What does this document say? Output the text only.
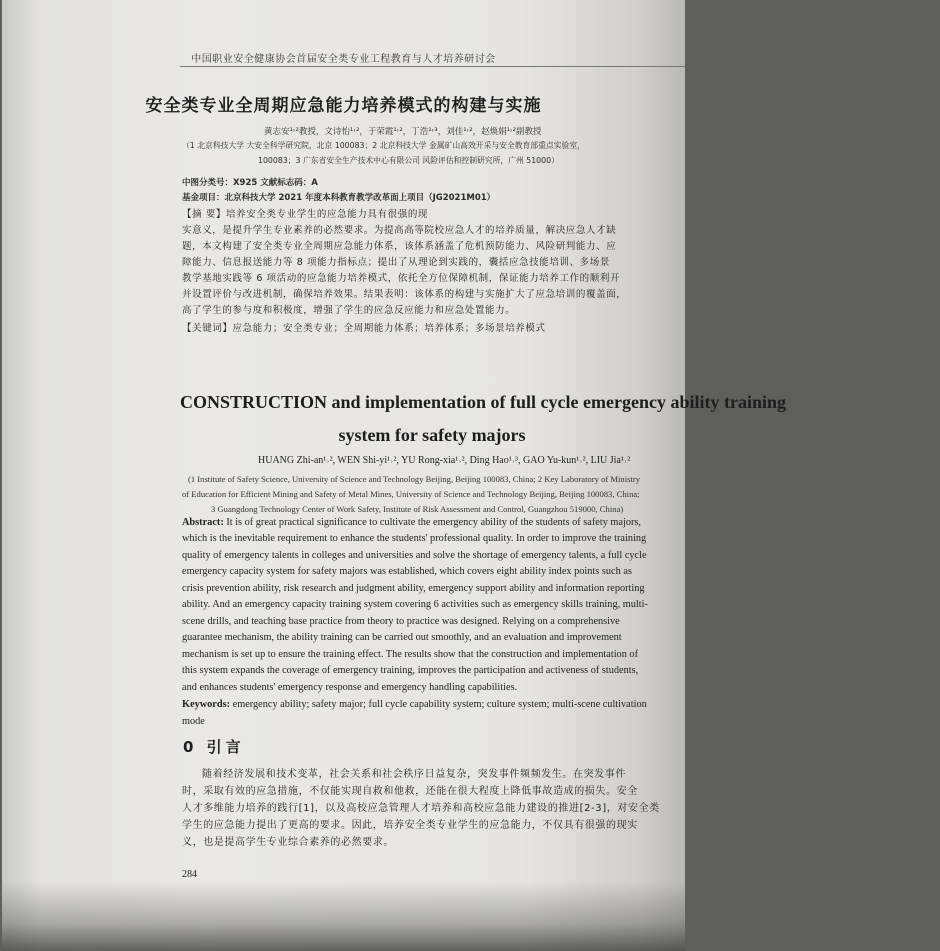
中国职业安全健康协会首届安全类专业工程教育与人才培养研讨会
安全类专业全周期应急能力培养模式的构建与实施
黄志安¹˒²教授，文诗怡¹˒²，于荣霞¹˒²，丁浩¹˒³，刘佳¹˒²，赵焕娟¹˒²副教授
（1 北京科技大学 大安全科学研究院，北京 100083；2 北京科技大学 金属矿山高效开采与安全教育部重点实验室，
100083；3 广东省安全生产技术中心有限公司 风险评估和控制研究所，广州 51000）
中图分类号：X925 文献标志码：A
基金项目：北京科技大学 2021 年度本科教育教学改革面上项目（JG2021M01）
【摘 要】培养安全类专业学生的应急能力具有很强的现
实意义，是提升学生专业素养的必然要求。为提高高等院校应急人才的培养质量，解决应急人才缺
题，本文构建了安全类专业全周期应急能力体系，该体系涵盖了危机预防能力、风险研判能力、应
障能力、信息报送能力等 8 项能力指标点；提出了从理论到实践的，囊括应急技能培训、多场景
教学基地实践等 6 项活动的应急能力培养模式，依托全方位保障机制，保证能力培养工作的顺利开
并设置评价与改进机制，确保培养效果。结果表明：该体系的构建与实施扩大了应急培训的覆盖面，
高了学生的参与度和积极度，增强了学生的应急反应能力和应急处置能力。
【关键词】应急能力；安全类专业；全周期能力体系；培养体系；多场景培养模式
CONSTRUCTION and implementation of full cycle emergency ability training
system for safety majors
HUANG Zhi-an¹˒², WEN Shi-yi¹˒², YU Rong-xia¹˒², Ding Hao¹˒³, GAO Yu-kun¹˒², LIU Jia¹˒²
(1 Institute of Safety Science, University of Science and Technology Beijing, Beijing 100083, China; 2 Key Laboratory of Ministry
of Education for Efficient Mining and Safety of Metal Mines, University of Science and Technology Beijing, Beijing 100083, China;
3 Guangdong Technology Center of Work Safety, Institute of Risk Assessment and Control, Guangzhou 519000, China)
Abstract: It is of great practical significance to cultivate the emergency ability of the students of safety majors,
which is the inevitable requirement to enhance the students' professional quality. In order to improve the training
quality of emergency talents in colleges and universities and solve the shortage of emergency talents, a full cycle
emergency capacity system for safety majors was established, which covers eight ability index points such as
crisis prevention ability, risk research and judgment ability, emergency support ability and information reporting
ability. And an emergency capacity training system covering 6 activities such as emergency skills training, multi-
scene drills, and teaching base practice from theory to practice was designed. Relying on a comprehensive
guarantee mechanism, the ability training can be carried out smoothly, and an evaluation and improvement
mechanism is set up to ensure the training effect. The results show that the construction and implementation of
this system expands the coverage of emergency training, improves the participation and activeness of students,
and enhances students' emergency response and emergency handling capabilities.
Keywords: emergency ability; safety major; full cycle capability system; culture system; multi-scene cultivation
mode
0 引言
随着经济发展和技术变革，社会关系和社会秩序日益复杂，突发事件频频发生。在突发事件
时，采取有效的应急措施，不仅能实现自救和他救，还能在很大程度上降低事故造成的损失。安全
人才多维能力培养的践行[1]，以及高校应急管理人才培养和高校应急能力建设的推进[2-3]，对安全类
学生的应急能力提出了更高的要求。因此，培养安全类专业学生的应急能力，不仅具有很强的现实
义，也是提高学生专业综合素养的必然要求。
284
